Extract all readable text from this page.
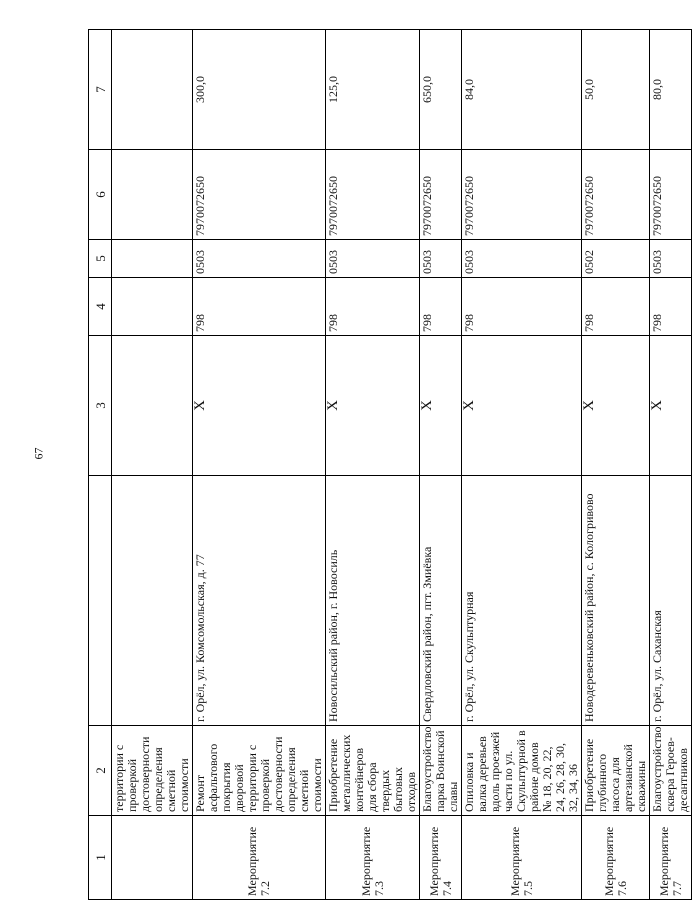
67
1	2		3	4	5	6	7
	территории с проверкой достоверности определения сметной стоимости						
Мероприятие 7.2	Ремонт асфальтового покрытия дворовой территории с проверкой достоверности определения сметной стоимости	г. Орёл, ул. Комсомольская, д. 77	X	798	0503	7970072650	300,0
Мероприятие 7.3	Приобретение металлических контейнеров для сбора твердых бытовых отходов	Новосильский район, г. Новосиль	X	798	0503	7970072650	125,0
Мероприятие 7.4	Благоустройство парка Воинской славы	Свердловский район, пгт. Змиёвка	X	798	0503	7970072650	650,0
Мероприятие 7.5	Опиловка и валка деревьев вдоль проезжей части по ул. Скульптурной в районе домов № 18, 20, 22, 24, 26, 28, 30, 32, 34, 36	г. Орёл, ул. Скульптурная	X	798	0503	7970072650	84,0
Мероприятие 7.6	Приобретение глубинного насоса для артезианской скважины	Новодеревеньковский район, с. Кологривово	X	798	0502	7970072650	50,0
Мероприятие 7.7	Благоустройство сквера Героев-десантников	г. Орёл, ул. Саханская	X	798	0503	7970072650	80,0
